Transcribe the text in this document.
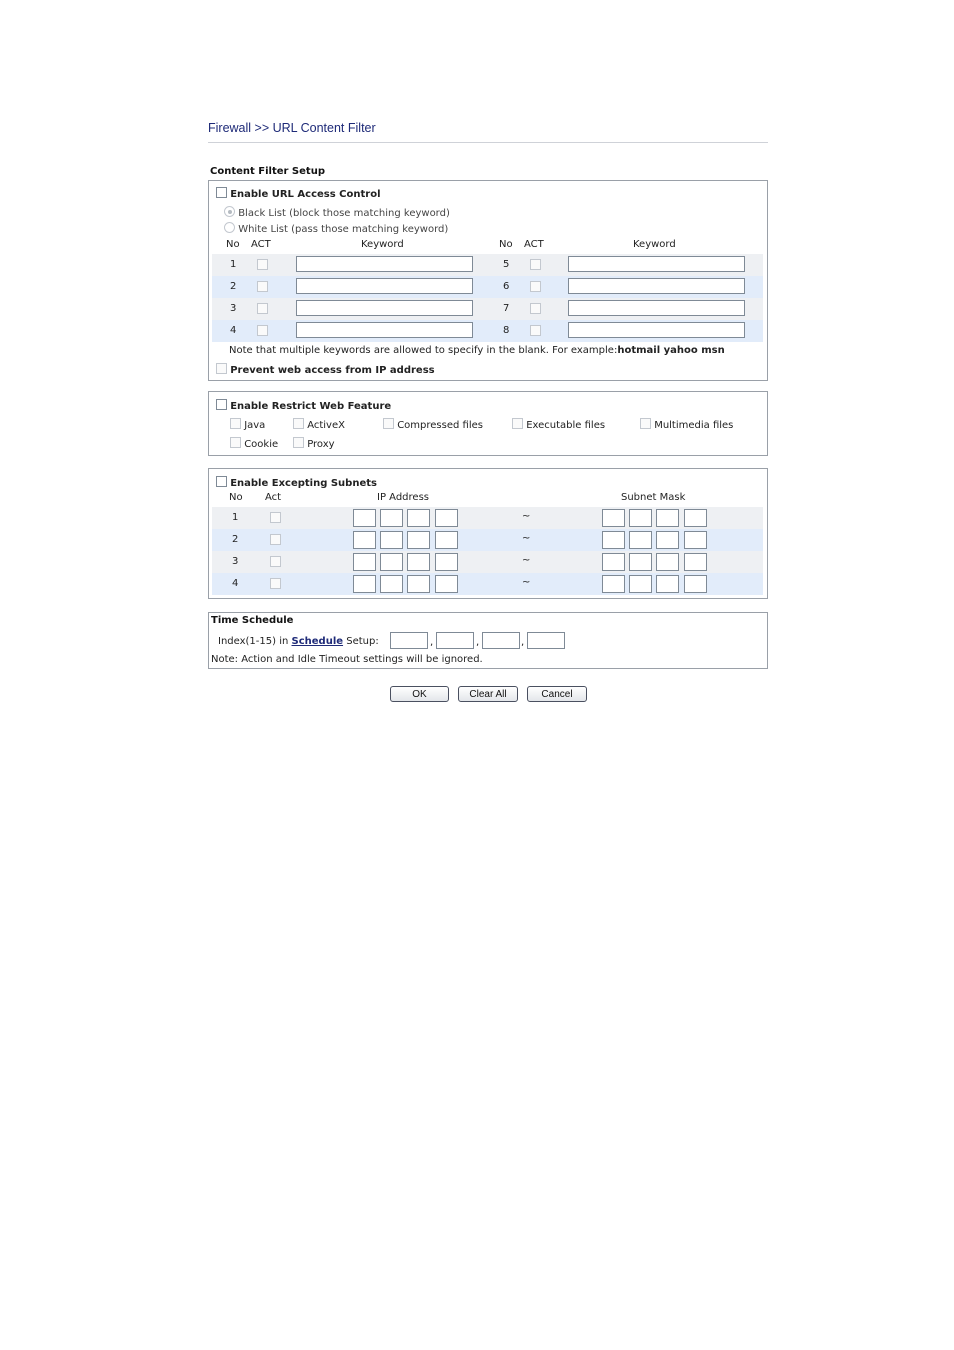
Firewall >> URL Content Filter
Content Filter Setup
Enable URL Access Control
Black List (block those matching keyword)
White List (pass those matching keyword)
No ACT	Keyword	No ACT	Keyword
1	5
2	6
3	7
4	8
Note that multiple keywords are allowed to specify in the blank. For example:hotmail yahoo msn
Prevent web access from IP address
Enable Restrict Web Feature
Java	ActiveX	Compressed files	Executable files	Multimedia files
Cookie	Proxy
Enable Excepting Subnets
No Act	IP Address	Subnet Mask
1	~
2	~
3	~
4	~
Time Schedule
Index(1-15) in Schedule Setup:	,	,	,
Note: Action and Idle Timeout settings will be ignored.
OK	Clear All	Cancel
